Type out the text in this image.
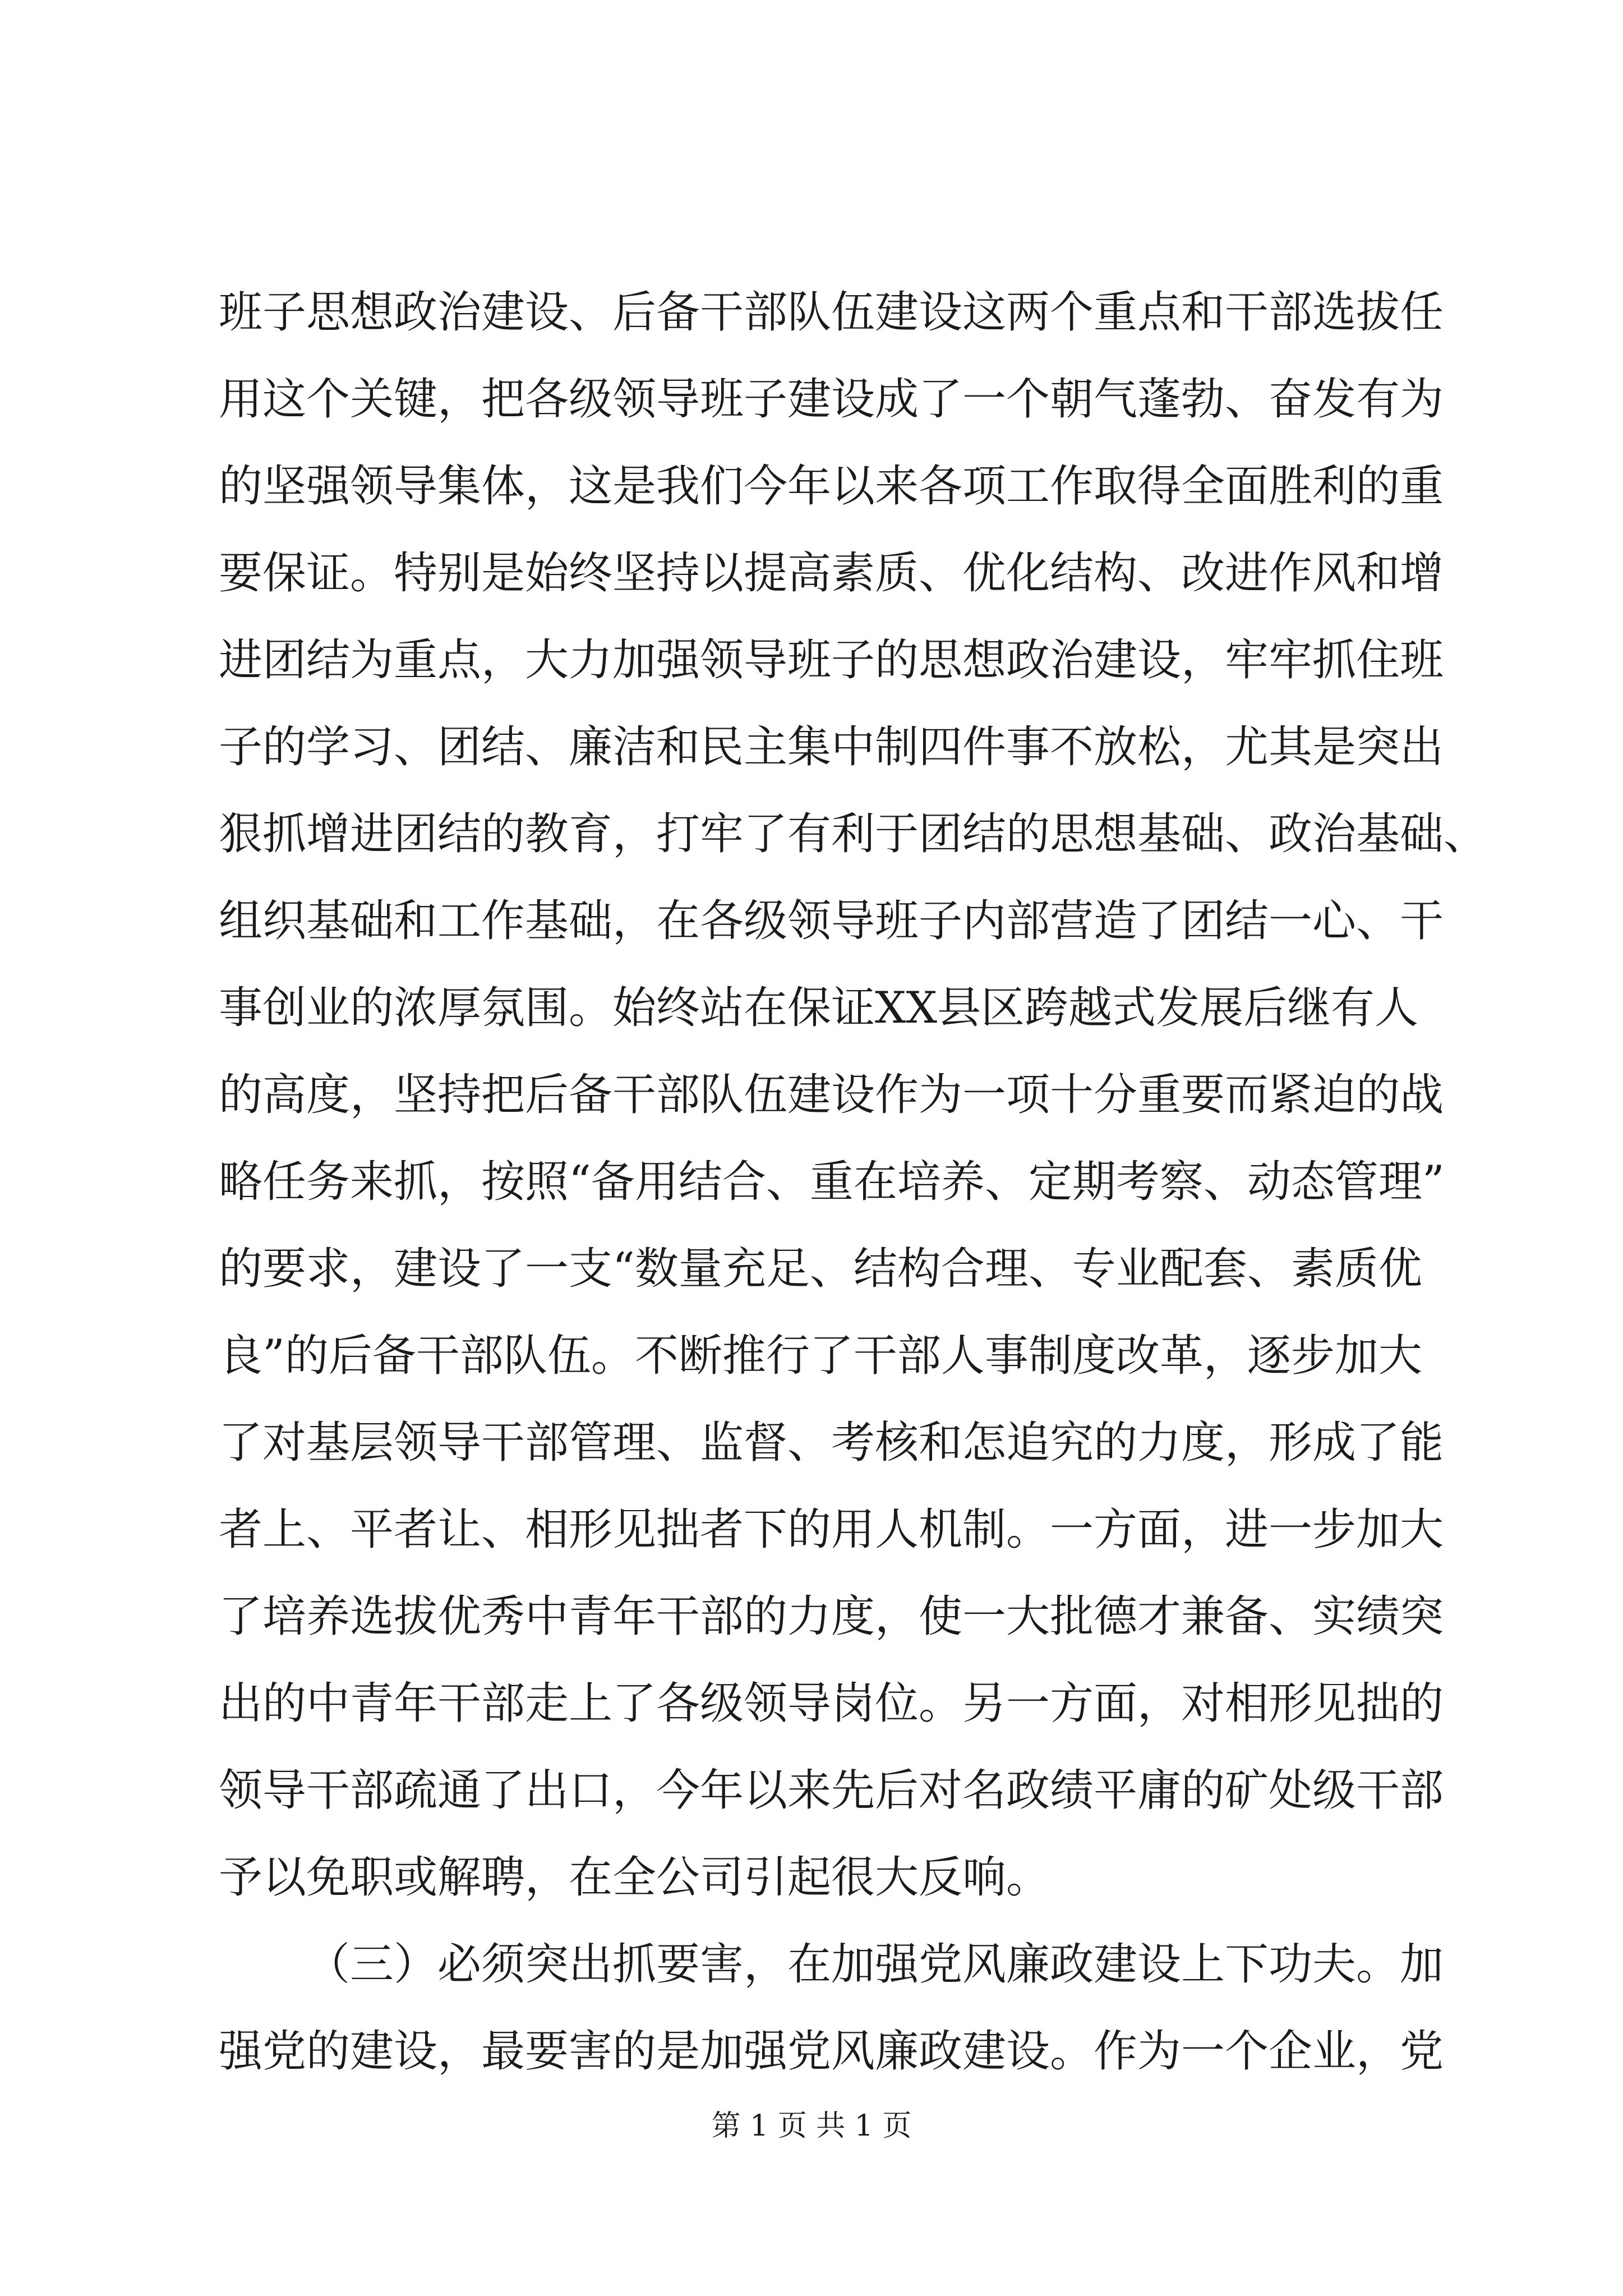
班子思想政治建设、后备干部队伍建设这两个重点和干部选拔任
用这个关键，把各级领导班子建设成了一个朝气蓬勃、奋发有为
的坚强领导集体，这是我们今年以来各项工作取得全面胜利的重
要保证。特别是始终坚持以提高素质、优化结构、改进作风和增
进团结为重点，大力加强领导班子的思想政治建设，牢牢抓住班
子的学习、团结、廉洁和民主集中制四件事不放松，尤其是突出
狠抓增进团结的教育，打牢了有利于团结的思想基础、政治基础、
组织基础和工作基础，在各级领导班子内部营造了团结一心、干
事创业的浓厚氛围。始终站在保证XX县区跨越式发展后继有人
的高度，坚持把后备干部队伍建设作为一项十分重要而紧迫的战
略任务来抓，按照“备用结合、重在培养、定期考察、动态管理”
的要求，建设了一支“数量充足、结构合理、专业配套、素质优
良”的后备干部队伍。不断推行了干部人事制度改革，逐步加大
了对基层领导干部管理、监督、考核和怎追究的力度，形成了能
者上、平者让、相形见拙者下的用人机制。一方面，进一步加大
了培养选拔优秀中青年干部的力度，使一大批德才兼备、实绩突
出的中青年干部走上了各级领导岗位。另一方面，对相形见拙的
领导干部疏通了出口，今年以来先后对名政绩平庸的矿处级干部
予以免职或解聘，在全公司引起很大反响。
（三）必须突出抓要害，在加强党风廉政建设上下功夫。加
强党的建设，最要害的是加强党风廉政建设。作为一个企业，党
第 1 页 共 1 页
